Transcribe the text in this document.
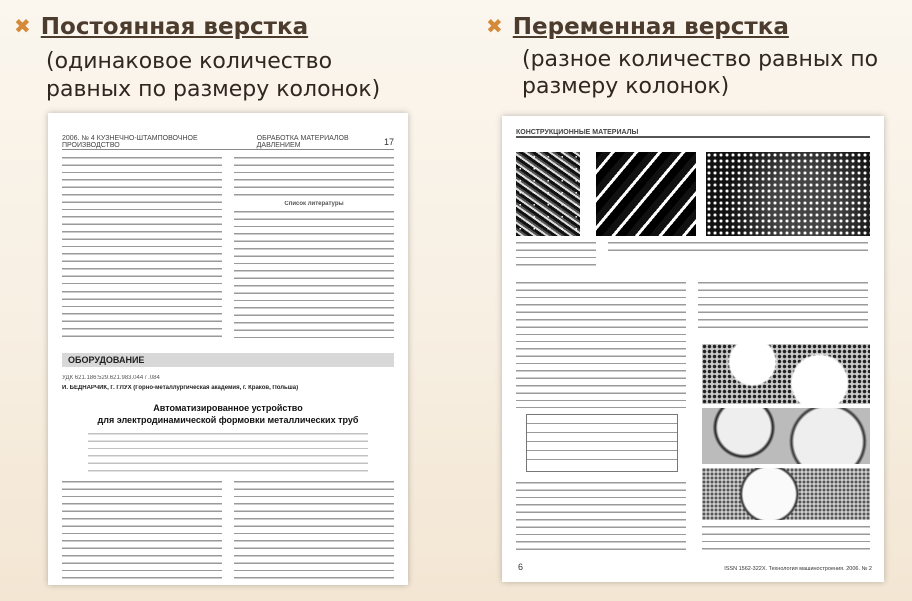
✖ Постоянная верстка
(одинаковое количество
равных по размеру колонок)
2006. № 4 КУЗНЕЧНО-ШТАМПОВОЧНОЕ ПРОИЗВОДСТВО
ОБРАБОТКА МАТЕРИАЛОВ ДАВЛЕНИЕМ	17
Список литературы
ОБОРУДОВАНИЕ
УДК 621.186:529.621.983.044 / .084
И. БЕДНАРЧИК, Г. ГЛУХ (Горно-металлургическая академия, г. Краков, Польша)
Автоматизированное устройство
для электродинамической формовки металлических труб
✖ Переменная верстка
(разное количество равных по
размеру колонок)
КОНСТРУКЦИОННЫЕ МАТЕРИАЛЫ
6	ISSN 1562-322X. Технология машиностроения. 2006. № 2
